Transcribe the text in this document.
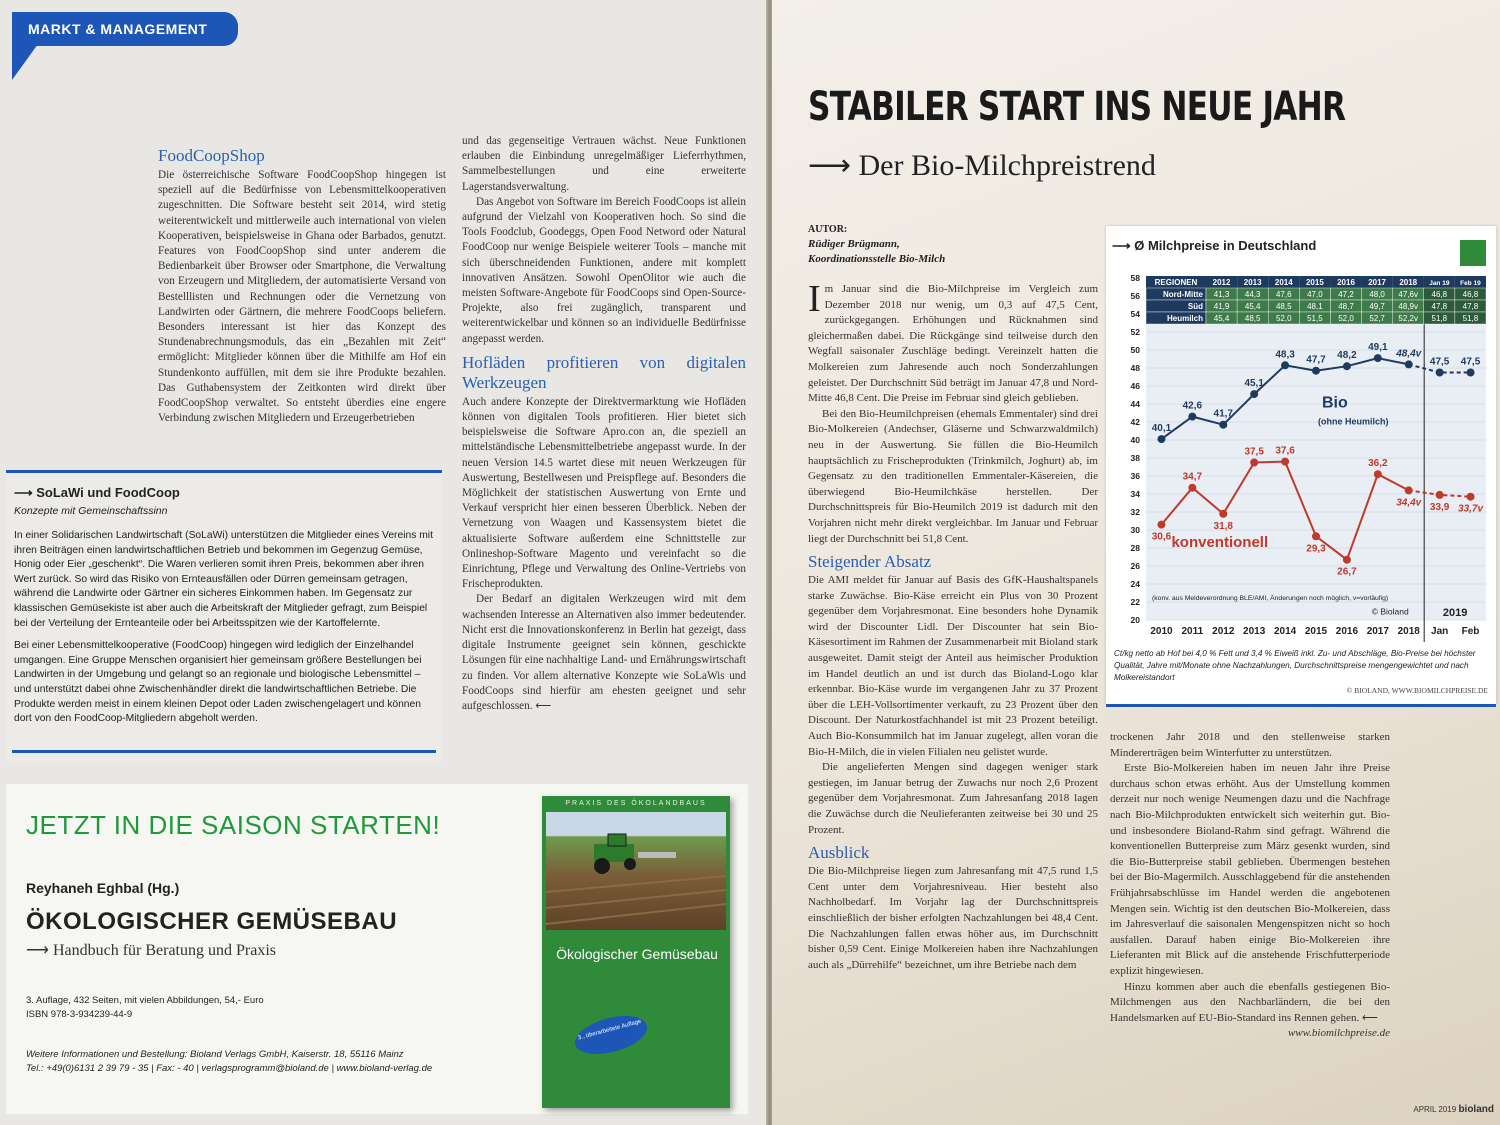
MARKT & MANAGEMENT
FoodCoopShop

Die österreichische Software FoodCoopShop hingegen ist speziell auf die Bedürfnisse von Lebensmittelkooperativen zugeschnitten. Die Software besteht seit 2014, wird stetig weiterentwickelt und mittlerweile auch international von vielen Kooperativen, beispielsweise in Ghana oder Barbados, genutzt. Features von FoodCoopShop sind unter anderem die Bedienbarkeit über Browser oder Smartphone, die Verwaltung von Erzeugern und Mitgliedern, der automatisierte Versand von Bestelllisten und Rechnungen oder die Vernetzung von Landwirten oder Gärtnern, die mehrere FoodCoops beliefern. Besonders interessant ist hier das Konzept des Stundenabrechnungsmoduls, das ein „Bezahlen mit Zeit“ ermöglicht: Mitglieder können über die Mithilfe am Hof ein Stundenkonto auffüllen, mit dem sie ihre Produkte bezahlen. Das Guthabensystem der Zeitkonten wird direkt über FoodCoopShop verwaltet. So entsteht überdies eine engere Verbindung zwischen Mitgliedern und Erzeugerbetrieben

und das gegenseitige Vertrauen wächst. Neue Funktionen erlauben die Einbindung unregelmäßiger Lieferrhythmen, Sammelbestellungen und eine erweiterte Lagerstandsverwaltung.

Das Angebot von Software im Bereich FoodCoops ist allein aufgrund der Vielzahl von Kooperativen hoch. So sind die Tools Foodclub, Goodeggs, Open Food Netword oder Natural FoodCoop nur wenige Beispiele weiterer Tools – manche mit sich überschneidenden Funktionen, andere mit komplett innovativen Ansätzen. Sowohl OpenOlitor wie auch die meisten Software-Angebote für FoodCoops sind Open-Source-Projekte, also frei zugänglich, transparent und weiterentwickelbar und können so an individuelle Bedürfnisse angepasst werden.

Hofläden profitieren von digitalen Werkzeugen

Auch andere Konzepte der Direktvermarktung wie Hofläden können von digitalen Tools profitieren. Hier bietet sich beispielsweise die Software Apro.con an, die speziell an mittelständische Lebensmittelbetriebe angepasst wurde. In der neuen Version 14.5 wartet diese mit neuen Werkzeugen für Auswertung, Bestellwesen und Preispflege auf. Besonders die Möglichkeit der statistischen Auswertung von Ernte und Verkauf verspricht hier einen besseren Überblick. Neben der Vernetzung von Waagen und Kassensystem bietet die aktualisierte Software außerdem eine Schnittstelle zur Onlineshop-Software Magento und vereinfacht so die Einrichtung, Pflege und Verwaltung des Online-Vertriebs von Frischeprodukten.

Der Bedarf an digitalen Werkzeugen wird mit dem wachsenden Interesse an Alternativen also immer bedeutender. Nicht erst die Innovationskonferenz in Berlin hat gezeigt, dass digitale Instrumente geeignet sein können, geschickte Lösungen für eine nachhaltige Land- und Ernährungswirtschaft zu finden. Vor allem alternative Konzepte wie SoLaWis und FoodCoops sind hierfür am ehesten geeignet und sehr aufgeschlossen. ⟵

⟶ SoLaWi und FoodCoop
Konzepte mit Gemeinschaftssinn

In einer Solidarischen Landwirtschaft (SoLaWi) unterstützen die Mitglieder eines Vereins mit ihren Beiträgen einen landwirtschaftlichen Betrieb und bekommen im Gegenzug Gemüse, Honig oder Eier „geschenkt“. Die Waren verlieren somit ihren Preis, bekommen aber ihren Wert zurück. So wird das Risiko von Ernteausfällen oder Dürren gemeinsam getragen, während die Landwirte oder Gärtner ein sicheres Einkommen haben. Im Gegensatz zur klassischen Gemüsekiste ist aber auch die Arbeitskraft der Mitglieder gefragt, zum Beispiel bei der Verteilung der Ernteanteile oder bei Arbeitsspitzen wie der Kartoffelernte.

Bei einer Lebensmittelkooperative (FoodCoop) hingegen wird lediglich der Einzelhandel umgangen. Eine Gruppe Menschen organisiert hier gemeinsam größere Bestellungen bei Landwirten in der Umgebung und gelangt so an regionale und biologische Lebensmittel – und unterstützt dabei ohne Zwischenhändler direkt die landwirtschaftlichen Betriebe. Die Produkte werden meist in einem kleinen Depot oder Laden zwischengelagert und können dort von den FoodCoop-Mitgliedern abgeholt werden.

JETZT IN DIE SAISON STARTEN!
Reyhaneh Eghbal (Hg.)
ÖKOLOGISCHER GEMÜSEBAU
⟶ Handbuch für Beratung und Praxis
3. Auflage, 432 Seiten, mit vielen Abbildungen, 54,- Euro
ISBN 978-3-934239-44-9
Weitere Informationen und Bestellung: Bioland Verlags GmbH, Kaiserstr. 18, 55116 Mainz
Tel.: +49(0)6131 2 39 79 - 35 | Fax: - 40 | verlagsprogramm@bioland.de | www.bioland-verlag.de
PRAXIS DES ÖKOLANDBAUS
Ökologischer Gemüsebau
3., überarbeitete Auflage
STABILER START INS NEUE JAHR
⟶ Der Bio-Milchpreistrend
AUTOR:
Rüdiger Brügmann,
Koordinationsstelle Bio-Milch

Im Januar sind die Bio-Milchpreise im Vergleich zum Dezember 2018 nur wenig, um 0,3 auf 47,5 Cent, zurückgegangen. Erhöhungen und Rücknahmen sind gleichermaßen dabei. Die Rückgänge sind teilweise durch den Wegfall saisonaler Zuschläge bedingt. Vereinzelt hatten die Molkereien zum Jahresende auch noch Sonderzahlungen geleistet. Der Durchschnitt Süd beträgt im Januar 47,8 und Nord-Mitte 46,8 Cent. Die Preise im Februar sind gleich geblieben.

Bei den Bio-Heumilchpreisen (ehemals Emmentaler) sind drei Bio-Molkereien (Andechser, Gläserne und Schwarzwaldmilch) neu in der Auswertung. Sie füllen die Bio-Heumilch hauptsächlich zu Frischeprodukten (Trinkmilch, Joghurt) ab, im Gegensatz zu den traditionellen Emmentaler-Käsereien, die überwiegend Bio-Heumilchkäse herstellen. Der Durchschnittspreis für Bio-Heumilch 2019 ist dadurch mit den Vorjahren nicht mehr direkt vergleichbar. Im Januar und Februar liegt der Durchschnitt bei 51,8 Cent.

Steigender Absatz

Die AMI meldet für Januar auf Basis des GfK-Haushaltspanels starke Zuwächse. Bio-Käse erreicht ein Plus von 30 Prozent gegenüber dem Vorjahresmonat. Eine besonders hohe Dynamik wird der Discounter Lidl. Der Discounter hat sein Bio-Käsesortiment im Rahmen der Zusammenarbeit mit Bioland stark ausgeweitet. Damit steigt der Anteil aus heimischer Produktion im Handel deutlich an und ist durch das Bioland-Logo klar erkennbar. Bio-Käse wurde im vergangenen Jahr zu 37 Prozent über die LEH-Vollsortimenter verkauft, zu 23 Prozent über den Discount. Der Naturkostfachhandel ist mit 23 Prozent beteiligt. Auch Bio-Konsummilch hat im Januar zugelegt, allen voran die Bio-H-Milch, die in vielen Filialen neu gelistet wurde.

Die angelieferten Mengen sind dagegen weniger stark gestiegen, im Januar betrug der Zuwachs nur noch 2,6 Prozent gegenüber dem Vorjahresmonat. Zum Jahresanfang 2018 lagen die Zuwächse durch die Neulieferanten zeitweise bei 30 und 25 Prozent.

Ausblick

Die Bio-Milchpreise liegen zum Jahresanfang mit 47,5 rund 1,5 Cent unter dem Vorjahresniveau. Hier besteht also Nachholbedarf. Im Vorjahr lag der Durchschnittspreis einschließlich der bisher erfolgten Nachzahlungen bei 48,4 Cent. Die Nachzahlungen fallen etwas höher aus, im Durchschnitt bisher 0,59 Cent. Einige Molkereien haben ihre Nachzahlungen auch als „Dürrehilfe“ bezeichnet, um ihre Betriebe nach dem

trockenen Jahr 2018 und den stellenweise starken Mindererträgen beim Winterfutter zu unterstützen.

Erste Bio-Molkereien haben im neuen Jahr ihre Preise durchaus schon etwas erhöht. Aus der Umstellung kommen derzeit nur noch wenige Neumengen dazu und die Nachfrage nach Bio-Milchprodukten entwickelt sich weiterhin gut. Bio- und insbesondere Bioland-Rahm sind gefragt. Während die konventionellen Butterpreise zum März gesenkt wurden, sind die Bio-Butterpreise stabil geblieben. Übermengen bestehen bei der Bio-Magermilch. Ausschlaggebend für die anstehenden Frühjahrsabschlüsse im Handel werden die angebotenen Mengen sein. Wichtig ist den deutschen Bio-Molkereien, dass im Jahresverlauf die saisonalen Mengenspitzen nicht so hoch ausfallen. Darauf haben einige Bio-Molkereien ihre Lieferanten mit Blick auf die anstehende Frischfutterperiode explizit hingewiesen.

Hinzu kommen aber auch die ebenfalls gestiegenen Bio-Milchmengen aus den Nachbarländern, die bei den Handelsmarken auf EU-Bio-Standard ins Rennen gehen. ⟵

www.biomilchpreise.de

⟶ Ø Milchpreise in Deutschland
20
22
24
26
28
30
32
34
36
38
40
42
44
46
48
50
52
54
56
58
2010 2011 2012 2013 2014 2015 2016 2017 2018 Jan Feb
2019
REGIONEN 2012 2013 2014 2015 2016 2017 2018 Jan 19 Feb 19
Nord-Mitte 41,3 44,3 47,6 47,0 47,2 48,0 47,6v 46,8 46,8
Süd 41,9 45,4 48,5 48,1 48,7 49,7 48,9v 47,8 47,8
Heumilch 45,4 48,5 52,0 51,5 52,0 52,7 52,2v 51,8 51,8
40,1
42,6
41,7
45,1
48,3 47,7 48,2
49,1
48,4v
47,5 47,5
30,6
34,7
31,8
37,5 37,6
29,3
26,7
36,2
34,4v 33,9 33,7v
Bio
(ohne Heumilch)
konventionell
(konv. aus Meldeverordnung BLE/AMI, Änderungen noch möglich, v=vorläufig)
© Bioland
Ct/kg netto ab Hof bei 4,0 % Fett und 3,4 % Eiweiß inkl. Zu- und Abschläge, Bio-Preise bei höchster Qualität, Jahre mit/Monate ohne Nachzahlungen, Durchschnittspreise mengengewichtet und nach Molkereistandort
© BIOLAND, WWW.BIOMILCHPREISE.DE
APRIL 2019 bioland
